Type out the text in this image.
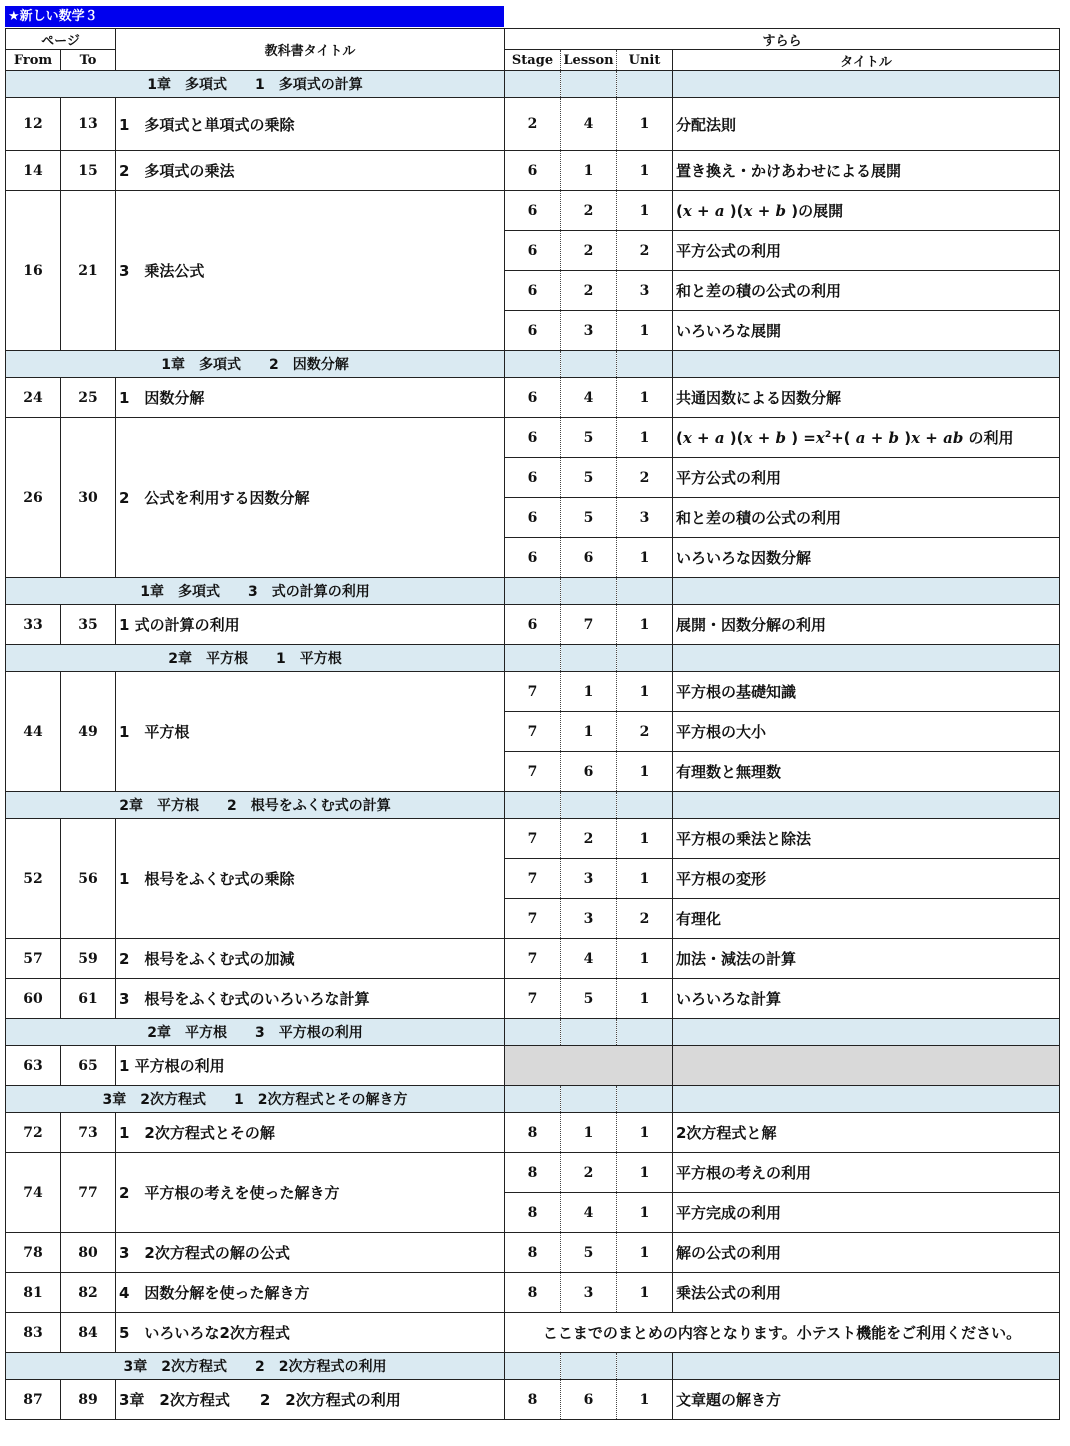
★新しい数学３
ページ		教科書タイトル	すらら			
From	To		Stage	Lesson	Unit	タイトル
1章　多項式　　1　多項式の計算						
12	13	1　多項式と単項式の乗除	2	4	1	分配法則
14	15	2　多項式の乗法	6	1	1	置き換え・かけあわせによる展開
16	21	3　乗法公式	6	2	1	(x + a )(x + b )の展開
			6	2	2	平方公式の利用
			6	2	3	和と差の積の公式の利用
			6	3	1	いろいろな展開
1章　多項式　　2　因数分解						
24	25	1　因数分解	6	4	1	共通因数による因数分解
26	30	2　公式を利用する因数分解	6	5	1	(x + a )(x + b ) $=x^2+$( a + b )x + ab の利用
			6	5	2	平方公式の利用
			6	5	3	和と差の積の公式の利用
			6	6	1	いろいろな因数分解
1章　多項式　　3　式の計算の利用						
33	35	1 式の計算の利用	6	7	1	展開・因数分解の利用
2章　平方根　　1　平方根						
44	49	1　平方根	7	1	1	平方根の基礎知識
			7	1	2	平方根の大小
			7	6	1	有理数と無理数
2章　平方根　　2　根号をふくむ式の計算						
52	56	1　根号をふくむ式の乗除	7	2	1	平方根の乗法と除法
			7	3	1	平方根の変形
			7	3	2	有理化
57	59	2　根号をふくむ式の加減	7	4	1	加法・減法の計算
60	61	3　根号をふくむ式のいろいろな計算	7	5	1	いろいろな計算
2章　平方根　　3　平方根の利用						
63	65	1 平方根の利用				
3章　2次方程式　　1　2次方程式とその解き方						
72	73	1　2次方程式とその解	8	1	1	2次方程式と解
74	77	2　平方根の考えを使った解き方	8	2	1	平方根の考えの利用
			8	4	1	平方完成の利用
78	80	3　2次方程式の解の公式	8	5	1	解の公式の利用
81	82	4　因数分解を使った解き方	8	3	1	乗法公式の利用
83	84	5　いろいろな2次方程式	ここまでのまとめの内容となります。小テスト機能をご利用ください。			
3章　2次方程式　　2　2次方程式の利用						
87	89	3章　2次方程式　　2　2次方程式の利用	8	6	1	文章題の解き方
